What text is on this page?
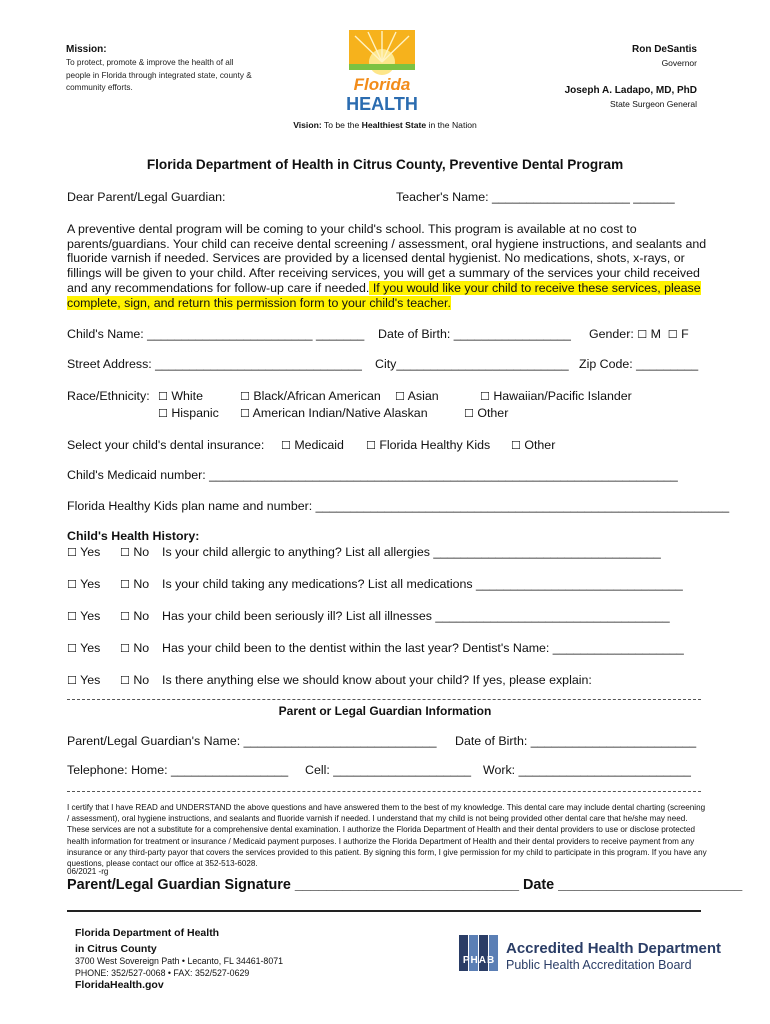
Mission:
To protect, promote & improve the health of all people in Florida through integrated state, county & community efforts.	Florida
HEALTH
Ron DeSantis
Governor
Joseph A. Ladapo, MD, PhD
State Surgeon General
Vision: To be the Healthiest State in the Nation
Florida Department of Health in Citrus County, Preventive Dental Program
Dear Parent/Legal Guardian:	Teacher's Name: ____________________ ______
A preventive dental program will be coming to your child's school. This program is available at no cost to parents/guardians. Your child can receive dental screening / assessment, oral hygiene instructions, and sealants and fluoride varnish if needed. Services are provided by a licensed dental hygienist. No medications, shots, x-rays, or fillings will be given to your child. After receiving services, you will get a summary of the services your child received and any recommendations for follow-up care if needed. If you would like your child to receive these services, please complete, sign, and return this permission form to your child's teacher.
Child's Name: ________________________ _______ Date of Birth: _________________ Gender: ☐ M ☐ F
Street Address: ______________________________ City_________________________ Zip Code: _________
Race/Ethnicity: ☐ White	☐ Black/African American ☐ Asian	☐ Hawaiian/Pacific Islander
☐ Hispanic ☐ American Indian/Native Alaskan	☐ Other
Select your child's dental insurance: ☐ Medicaid ☐ Florida Healthy Kids ☐ Other
Child's Medicaid number: ____________________________________________________________________
Florida Healthy Kids plan name and number: ____________________________________________________________
Child's Health History:
☐ Yes ☐ No Is your child allergic to anything? List all allergies _________________________________
☐ Yes ☐ No Is your child taking any medications? List all medications ______________________________
☐ Yes ☐ No Has your child been seriously ill? List all illnesses __________________________________
☐ Yes ☐ No Has your child been to the dentist within the last year? Dentist's Name: ___________________
☐ Yes ☐ No Is there anything else we should know about your child? If yes, please explain:
Parent or Legal Guardian Information
Parent/Legal Guardian's Name: ____________________________ Date of Birth: ________________________
Telephone: Home: _________________ Cell: ____________________ Work: _________________________
I certify that I have READ and UNDERSTAND the above questions and have answered them to the best of my knowledge. This dental care may include dental charting (screening / assessment), oral hygiene instructions, and sealants and fluoride varnish if needed. I understand that my child is not being provided other dental care that he/she may need. These services are not a substitute for a comprehensive dental examination. I authorize the Florida Department of Health and their dental providers to use or disclose protected health information for treatment or insurance / Medicaid payment purposes. I authorize the Florida Department of Health and their dental providers to receive payment from any insurance or any third-party payor that covers the services provided to this patient. By signing this form, I give permission for my child to participate in this program. If you have any questions, please contact our office at 352-513-6028.
06/2021 -rg
Parent/Legal Guardian Signature ____________________________ Date _______________________
Florida Department of Health
in Citrus County
3700 West Sovereign Path • Lecanto, FL 34461-8071
PHONE: 352/527-0068 • FAX: 352/527-0629
FloridaHealth.gov
PHAB
Accredited Health Department
Public Health Accreditation Board
